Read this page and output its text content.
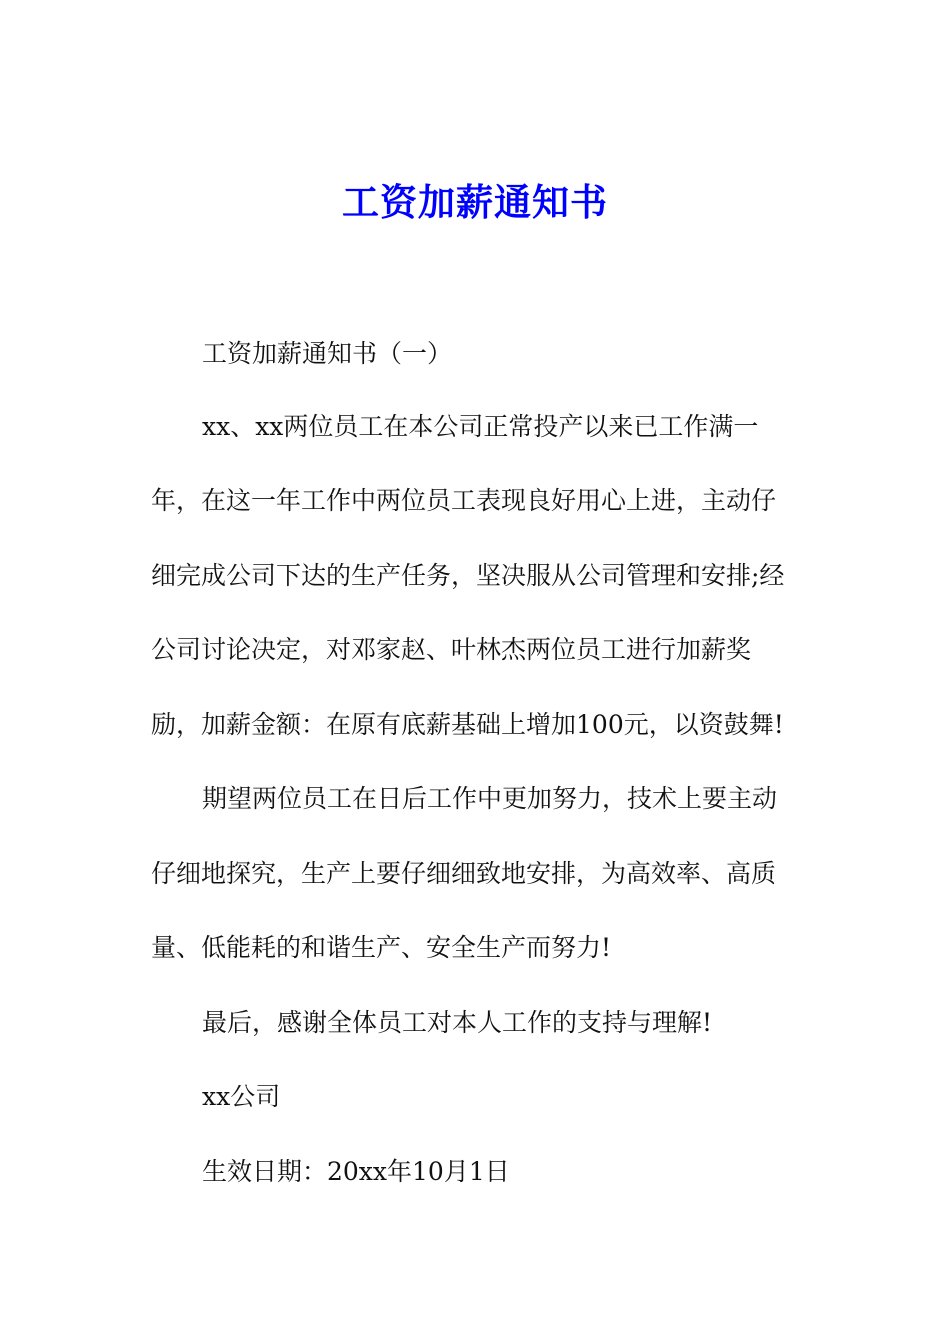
工资加薪通知书
工资加薪通知书（一）
xx、xx两位员工在本公司正常投产以来已工作满一
年，在这一年工作中两位员工表现良好用心上进，主动仔
细完成公司下达的生产任务，坚决服从公司管理和安排;经
公司讨论决定，对邓家赵、叶林杰两位员工进行加薪奖
励，加薪金额：在原有底薪基础上增加100元，以资鼓舞!
期望两位员工在日后工作中更加努力，技术上要主动
仔细地探究，生产上要仔细细致地安排，为高效率、高质
量、低能耗的和谐生产、安全生产而努力!
最后，感谢全体员工对本人工作的支持与理解!
xx公司
生效日期：20xx年10月1日
